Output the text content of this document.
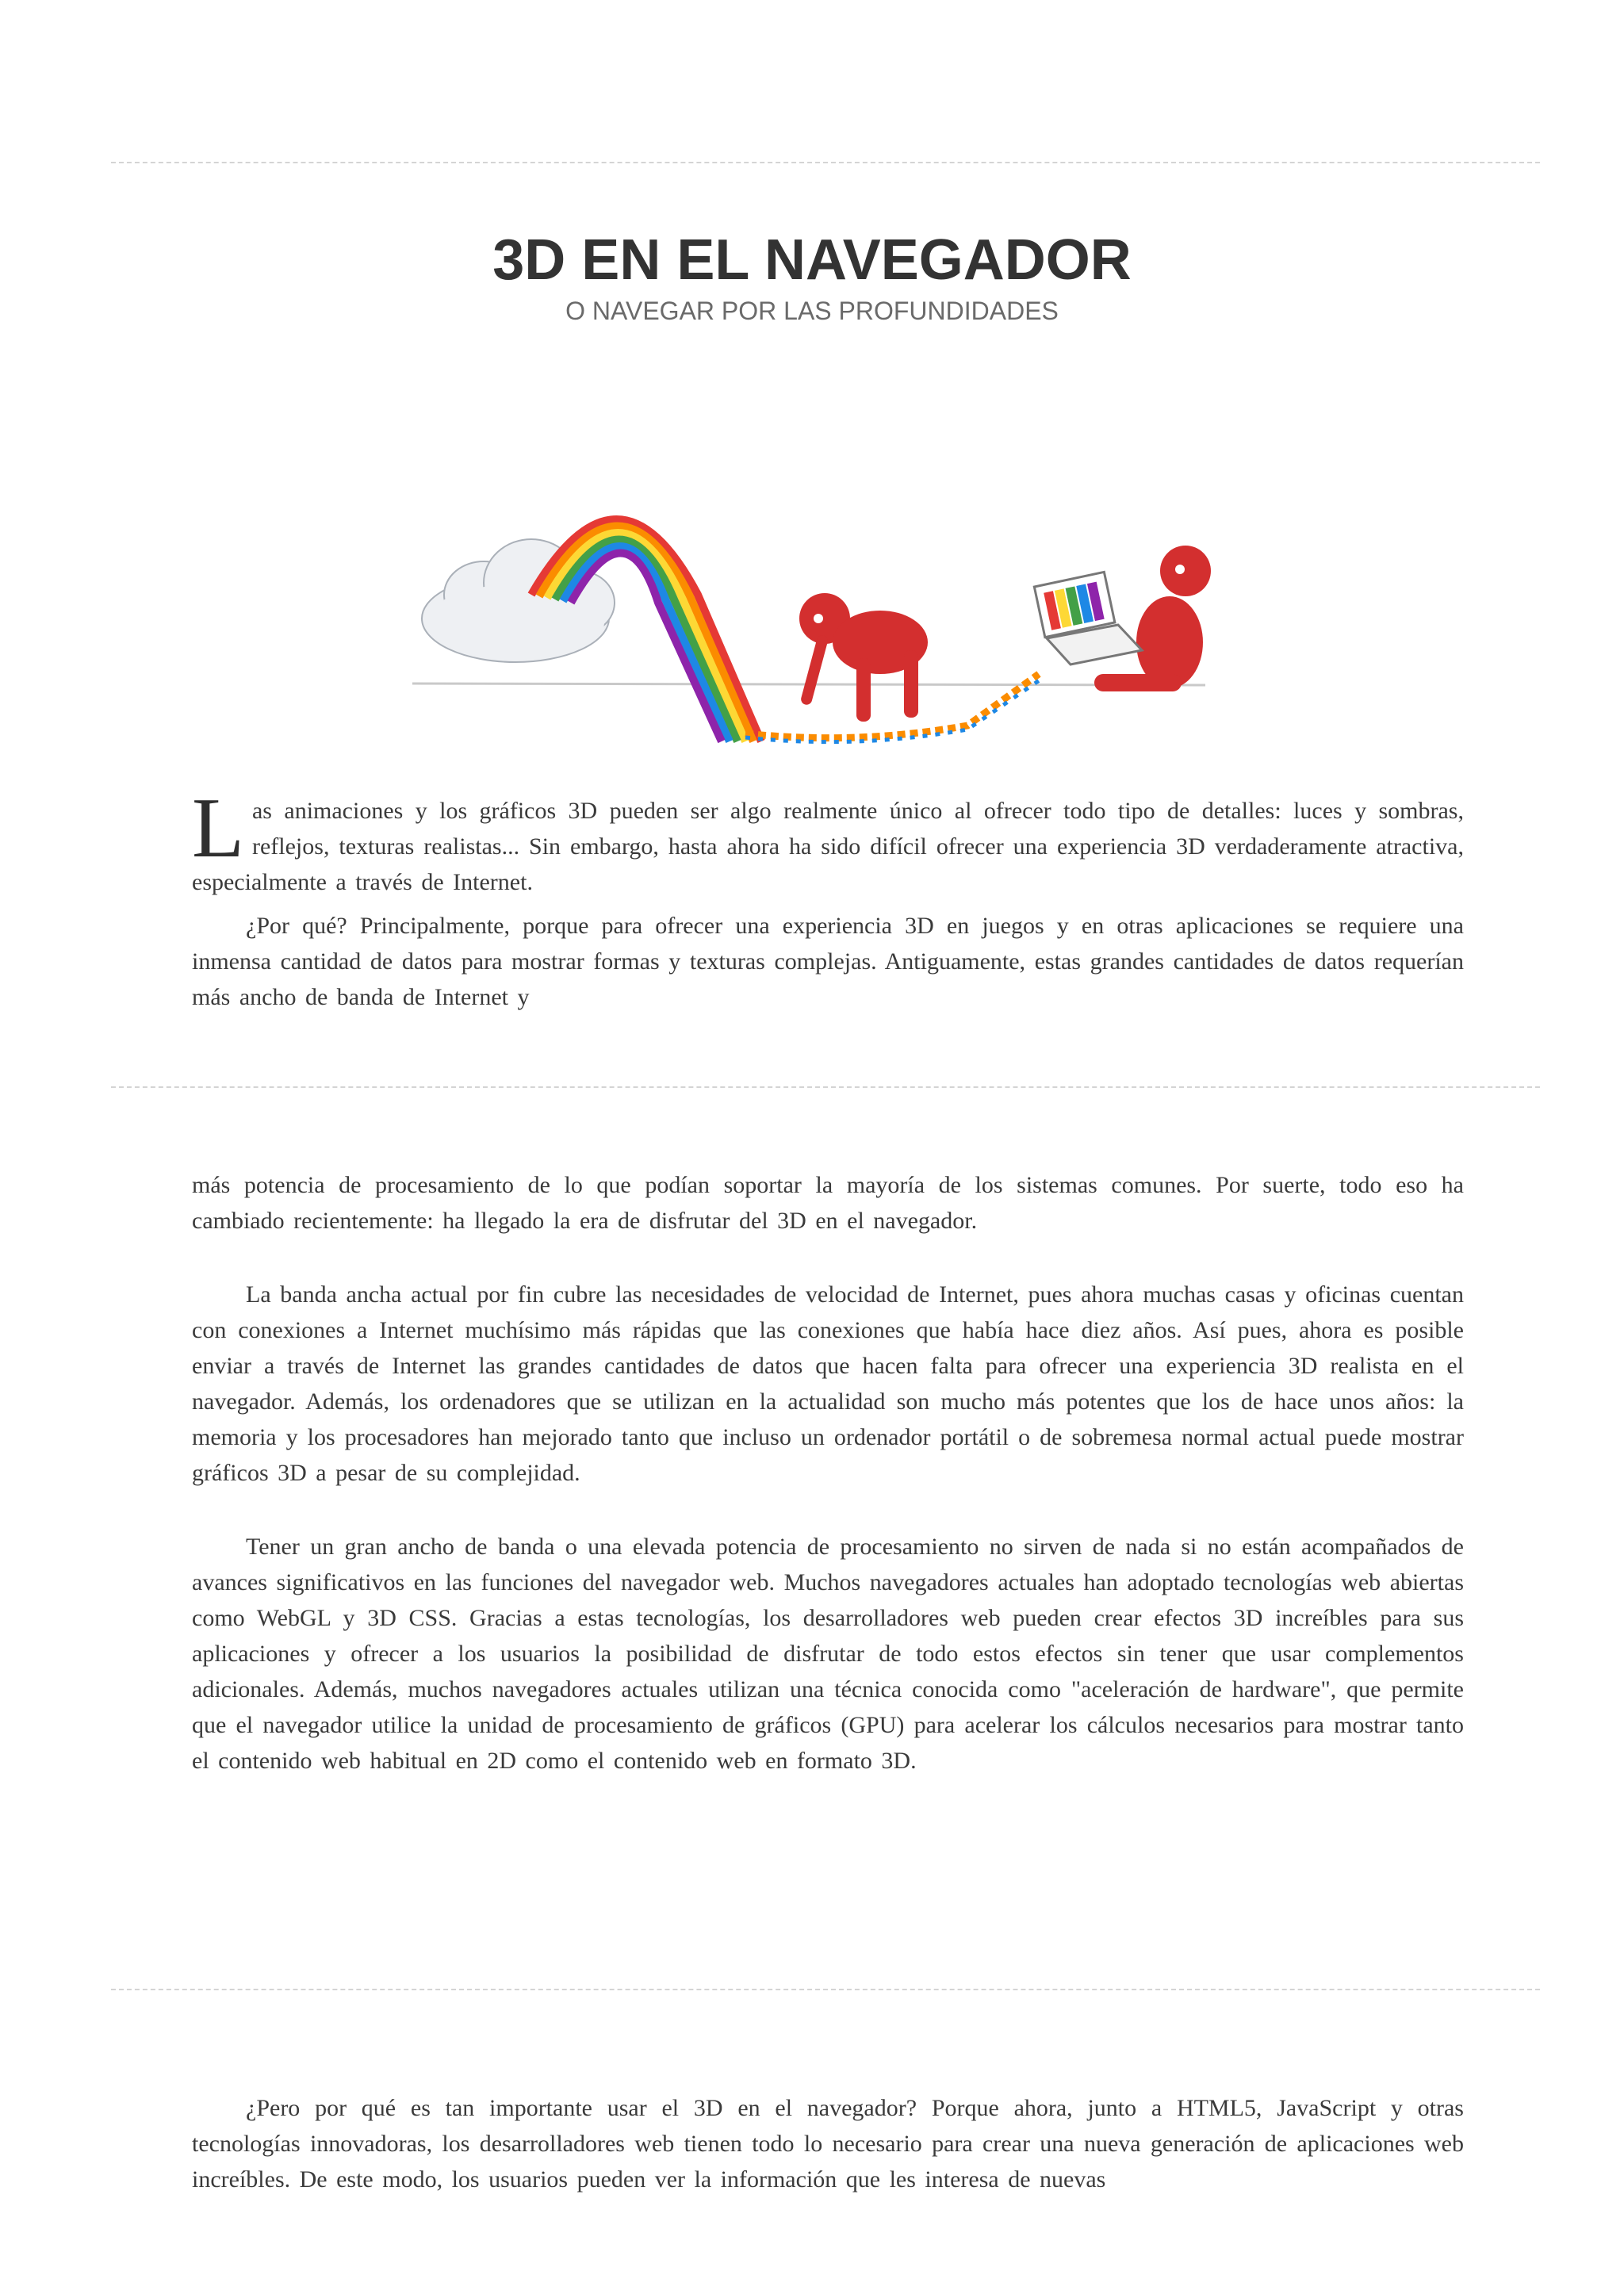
3D EN EL NAVEGADOR
O NAVEGAR POR LAS PROFUNDIDADES

Las animaciones y los gráficos 3D pueden ser algo realmente único al ofrecer todo tipo de detalles: luces y sombras, reflejos, texturas realistas... Sin embargo, hasta ahora ha sido difícil ofrecer una experiencia 3D verdaderamente atractiva, especialmente a través de Internet.

¿Por qué? Principalmente, porque para ofrecer una experiencia 3D en juegos y en otras aplicaciones se requiere una inmensa cantidad de datos para mostrar formas y texturas complejas. Antiguamente, estas grandes cantidades de datos requerían más ancho de banda de Internet y

más potencia de procesamiento de lo que podían soportar la mayoría de los sistemas comunes. Por suerte, todo eso ha cambiado recientemente: ha llegado la era de disfrutar del 3D en el navegador.

La banda ancha actual por fin cubre las necesidades de velocidad de Internet, pues ahora muchas casas y oficinas cuentan con conexiones a Internet muchísimo más rápidas que las conexiones que había hace diez años. Así pues, ahora es posible enviar a través de Internet las grandes cantidades de datos que hacen falta para ofrecer una experiencia 3D realista en el navegador. Además, los ordenadores que se utilizan en la actualidad son mucho más potentes que los de hace unos años: la memoria y los procesadores han mejorado tanto que incluso un ordenador portátil o de sobremesa normal actual puede mostrar gráficos 3D a pesar de su complejidad.

Tener un gran ancho de banda o una elevada potencia de procesamiento no sirven de nada si no están acompañados de avances significativos en las funciones del navegador web. Muchos navegadores actuales han adoptado tecnologías web abiertas como WebGL y 3D CSS. Gracias a estas tecnologías, los desarrolladores web pueden crear efectos 3D increíbles para sus aplicaciones y ofrecer a los usuarios la posibilidad de disfrutar de todo estos efectos sin tener que usar complementos adicionales. Además, muchos navegadores actuales utilizan una técnica conocida como "aceleración de hardware", que permite que el navegador utilice la unidad de procesamiento de gráficos (GPU) para acelerar los cálculos necesarios para mostrar tanto el contenido web habitual en 2D como el contenido web en formato 3D.

¿Pero por qué es tan importante usar el 3D en el navegador? Porque ahora, junto a HTML5, JavaScript y otras tecnologías innovadoras, los desarrolladores web tienen todo lo necesario para crear una nueva generación de aplicaciones web increíbles. De este modo, los usuarios pueden ver la información que les interesa de nuevas
